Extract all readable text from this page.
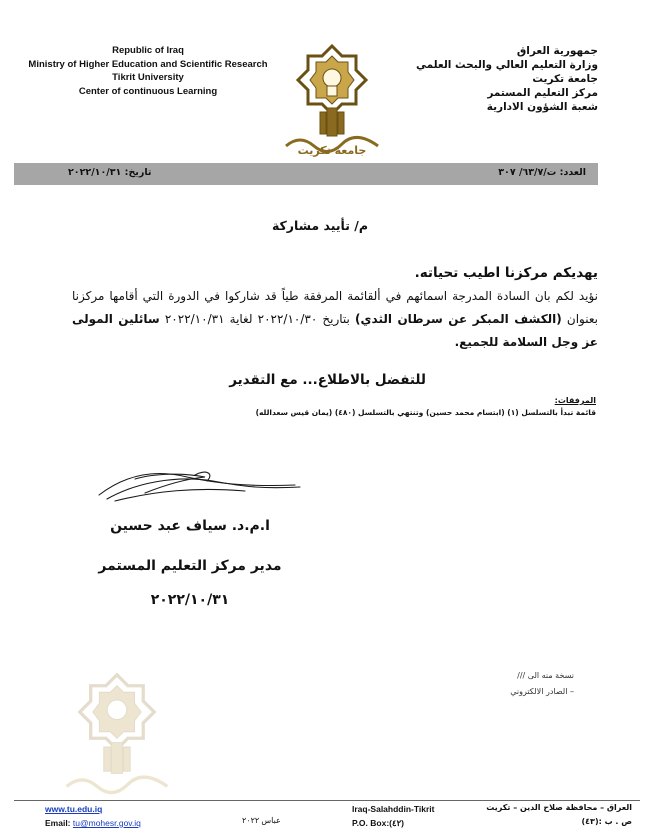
Republic of Iraq
Ministry of Higher Education and Scientific Research
Tikrit University
Center of continuous Learning
جامعة تكريت
جمهورية العراق
وزارة التعليم العالي والبحث العلمي
جامعة تكريت
مركز التعليم المستمر
شعبة الشؤون الادارية
العدد: ت/٦٣/٧/ ٣٠٧
تاريخ: ٢٠٢٢/١٠/٣١
م/ تأييد مشاركة
يهديكم مركزنا اطيب تحياته.
نؤيد لكم بان السادة المدرجة اسمائهم في ألقائمة المرفقة طياً قد شاركوا في الدورة التي أقامها مركزنا بعنوان (الكشف المبكر عن سرطان الثدي) بتاريخ ٢٠٢٢/١٠/٣٠ لغاية ٢٠٢٢/١٠/٣١ سائلين المولى عز وجل السلامة للجميع.
للتفضل بالاطلاع... مع التقدير
المرفقات:
قائمة تبدأ بالتسلسل (١) (ابتسام محمد حسين) وتنتهي بالتسلسل (٤٨٠) (يمان قيس سعدالله)
ا.م.د. سياف عبد حسين
مدير مركز التعليم المستمر
٢٠٢٢/١٠/٣١
نسخة منه الى ///
– الصادر الالكتروني
www.tu.edu.iq
Email: tu@mohesr.gov.iq	عباس ٢٠٢٢
Iraq-Salahddin-Tikrit
P.O. Box:(٤٢)
العراق – محافظة صلاح الدين – تكريت
ص . ب :(٤٣)
